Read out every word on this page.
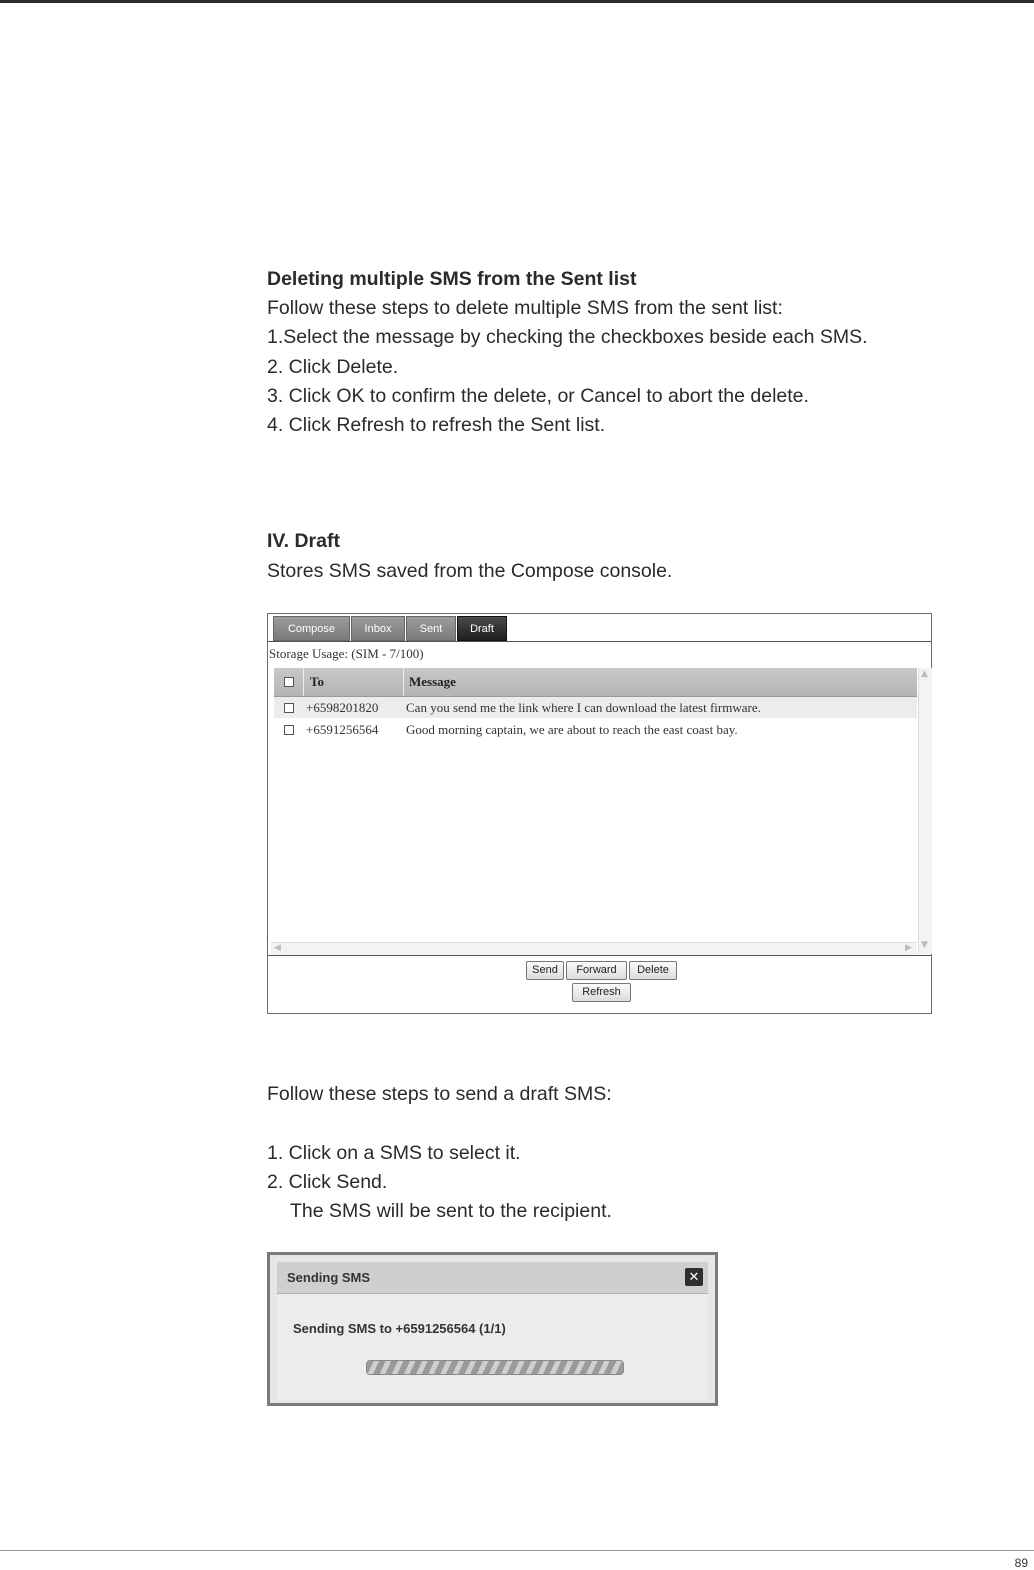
Deleting multiple SMS from the Sent list
Follow these steps to delete multiple SMS from the sent list:
1.Select the message by checking the checkboxes beside each SMS.
2. Click Delete.
3. Click OK to confirm the delete, or Cancel to abort the delete.
4. Click Refresh to refresh the Sent list.
IV. Draft
Stores SMS saved from the Compose console.
Compose	Inbox	Sent	Draft
Storage Usage: (SIM - 7/100)
To	Message
+6598201820 Can you send me the link where I can download the latest firmware.
+6591256564 Good morning captain, we are about to reach the east coast bay.
▲
▼
◀	▶
Send	Forward	Delete
Refresh
Follow these steps to send a draft SMS:
1. Click on a SMS to select it.
2. Click Send.
The SMS will be sent to the recipient.
Sending SMS	✕
Sending SMS to +6591256564 (1/1)
89
